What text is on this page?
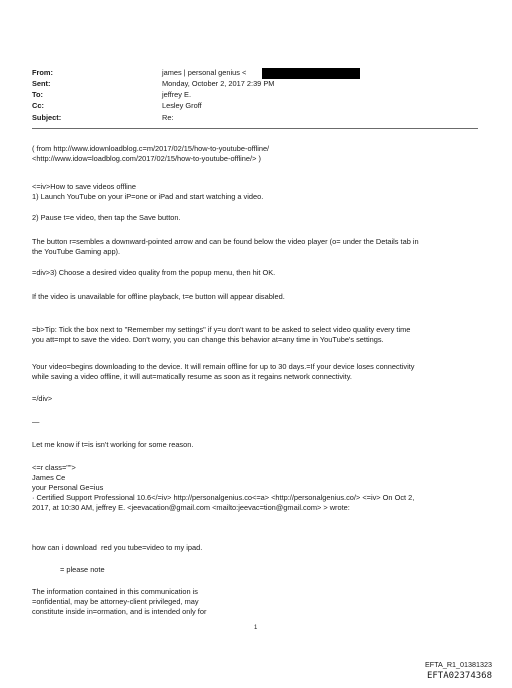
From:
Sent:
To:
Cc:
Subject:
james | personal genius <
Monday, October 2, 2017 2:39 PM
jeffrey E.
Lesley Groff
Re:
( from http://www.idownloadblog.c=m/2017/02/15/how-to-youtube-offline/
<http://www.idow=loadblog.com/2017/02/15/how-to-youtube-offline/> )
<=iv>How to save videos offline
1) Launch YouTube on your iP=one or iPad and start watching a video.
2) Pause t=e video, then tap the Save button.
The button r=sembles a downward-pointed arrow and can be found below the video player (o= under the Details tab in
the YouTube Gaming app).
=div>3) Choose a desired video quality from the popup menu, then hit OK.
If the video is unavailable for offline playback, t=e button will appear disabled.
=b>Tip: Tick the box next to "Remember my settings" if y=u don't want to be asked to select video quality every time
you att=mpt to save the video. Don't worry, you can change this behavior at=any time in YouTube's settings.
Your video=begins downloading to the device. It will remain offline for up to 30 days.=If your device loses connectivity
while saving a video offline, it will aut=matically resume as soon as it regains network connectivity.
=/div>
—
Let me know if t=is isn't working for some reason.
<=r class="">
James Ce
your Personal Ge=ius
· Certified Support Professional 10.6</=iv> http://personalgenius.co<=a> <http://personalgenius.co/> <=iv> On Oct 2,
2017, at 10:30 AM, jeffrey E. <jeevacation@gmail.com <mailto:jeevac=tion@gmail.com> > wrote:
how can i download  red you tube=video to my ipad.
= please note
The information contained in this communication is
=onfidential, may be attorney-client privileged, may
constitute inside in=ormation, and is intended only for
1
EFTA_R1_01381323
EFTA02374368
